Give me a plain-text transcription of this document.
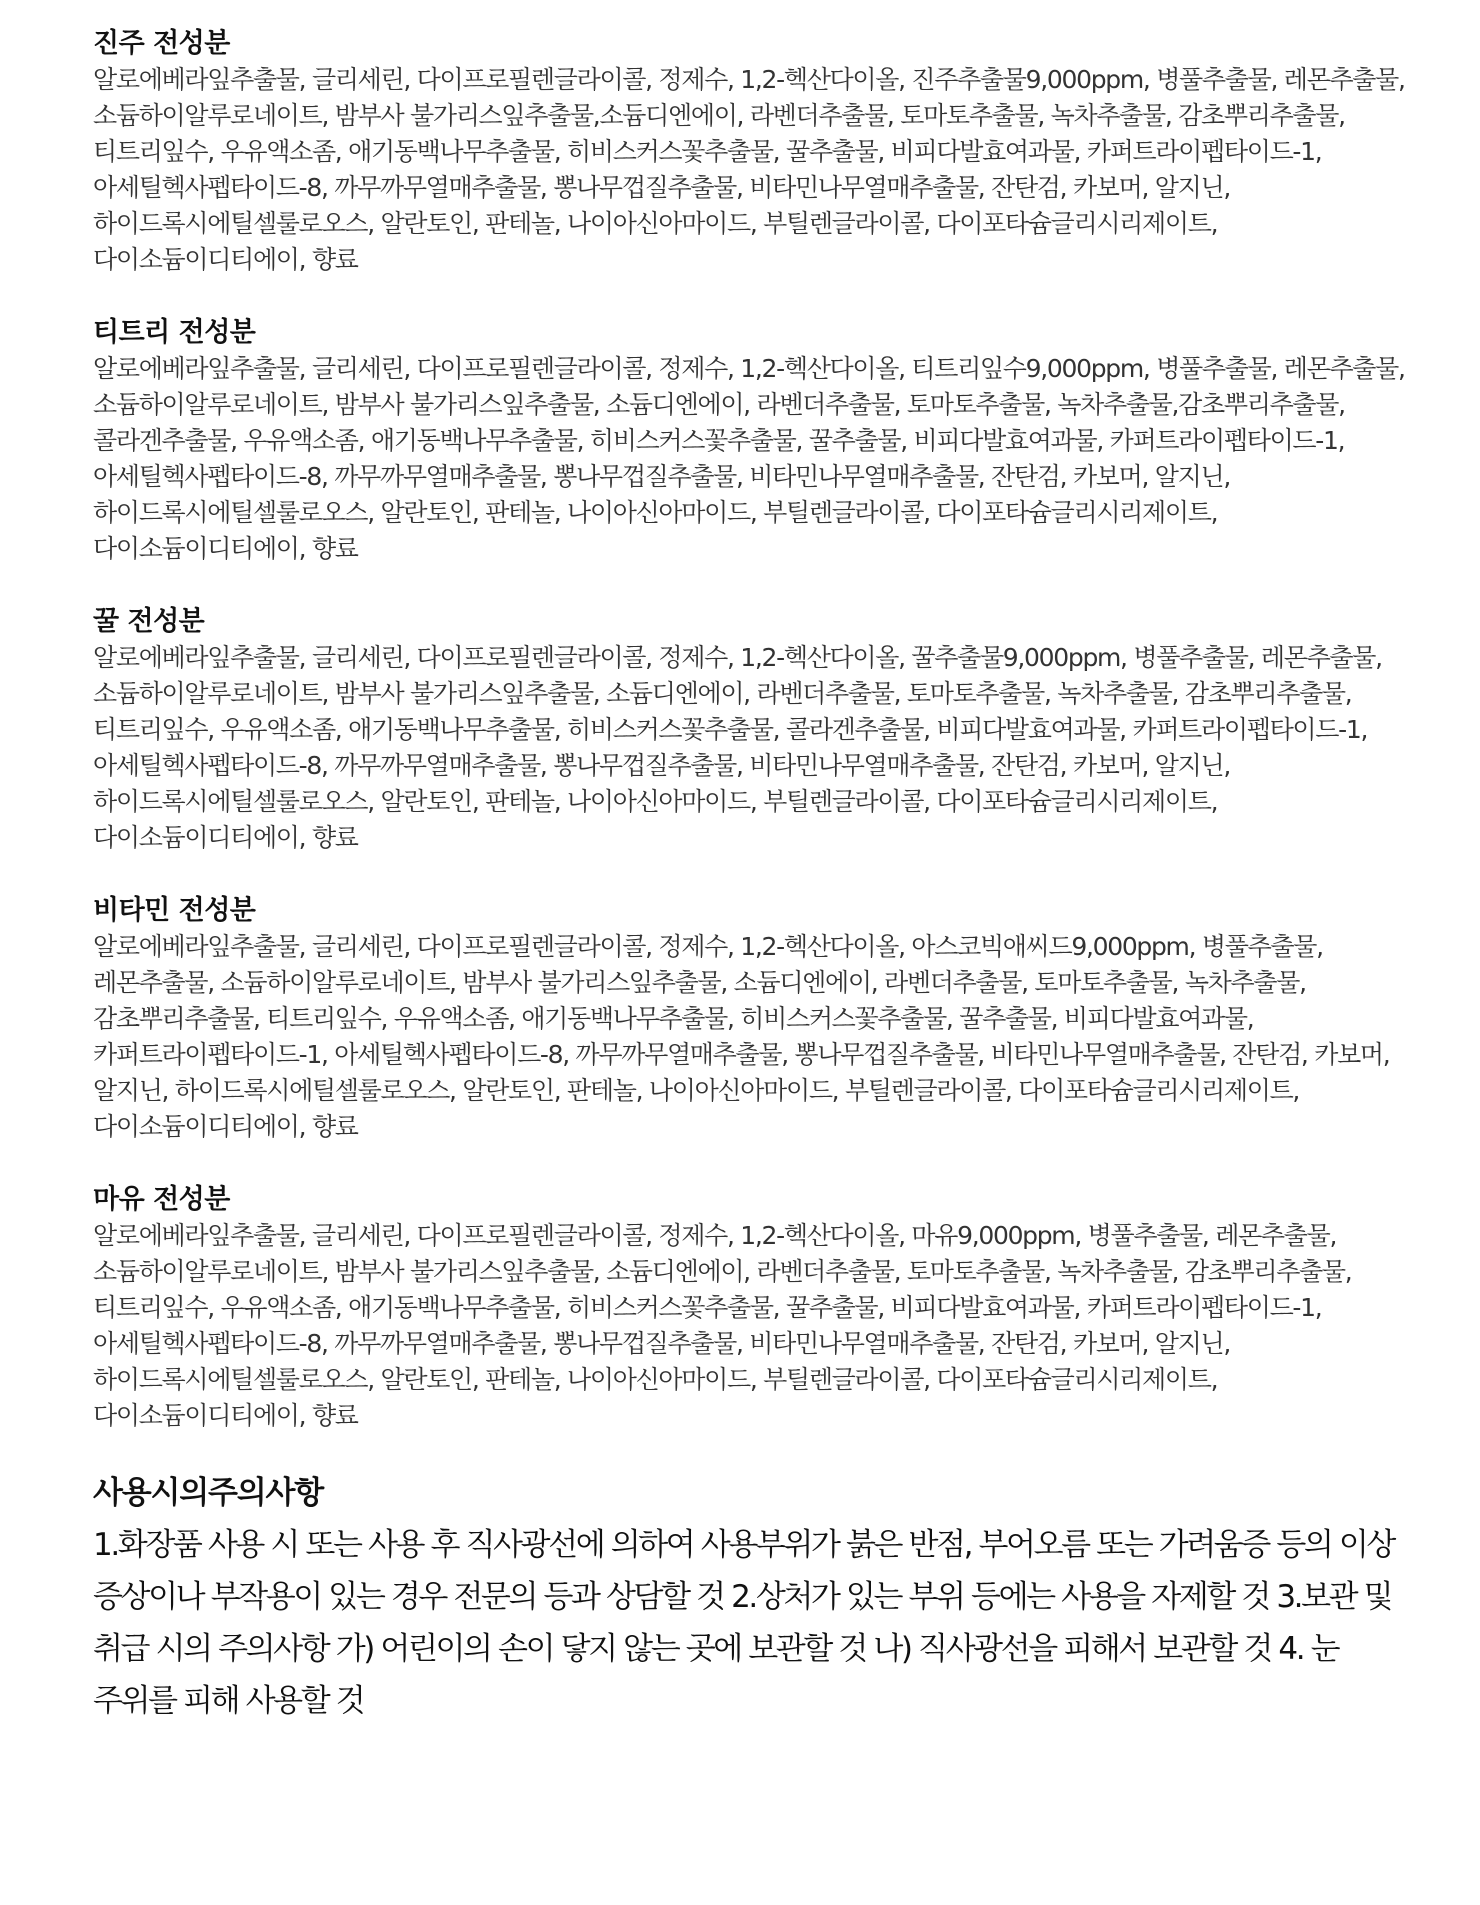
진주 전성분

알로에베라잎추출물, 글리세린, 다이프로필렌글라이콜, 정제수, 1,2-헥산다이올, 진주추출물9,000ppm, 병풀추출물, 레몬추출물, 소듐하이알루로네이트, 밤부사 불가리스잎추출물,소듐디엔에이, 라벤더추출물, 토마토추출물, 녹차추출물, 감초뿌리추출물, 티트리잎수, 우유액소좀, 애기동백나무추출물, 히비스커스꽃추출물, 꿀추출물, 비피다발효여과물, 카퍼트라이펩타이드-1, 아세틸헥사펩타이드-8, 까무까무열매추출물, 뽕나무껍질추출물, 비타민나무열매추출물, 잔탄검, 카보머, 알지닌, 하이드록시에틸셀룰로오스, 알란토인, 판테놀, 나이아신아마이드, 부틸렌글라이콜, 다이포타슘글리시리제이트, 다이소듐이디티에이, 향료

티트리 전성분

알로에베라잎추출물, 글리세린, 다이프로필렌글라이콜, 정제수, 1,2-헥산다이올, 티트리잎수9,000ppm, 병풀추출물, 레몬추출물, 소듐하이알루로네이트, 밤부사 불가리스잎추출물, 소듐디엔에이, 라벤더추출물, 토마토추출물, 녹차추출물,감초뿌리추출물, 콜라겐추출물, 우유액소좀, 애기동백나무추출물, 히비스커스꽃추출물, 꿀추출물, 비피다발효여과물, 카퍼트라이펩타이드-1, 아세틸헥사펩타이드-8, 까무까무열매추출물, 뽕나무껍질추출물, 비타민나무열매추출물, 잔탄검, 카보머, 알지닌, 하이드록시에틸셀룰로오스, 알란토인, 판테놀, 나이아신아마이드, 부틸렌글라이콜, 다이포타슘글리시리제이트, 다이소듐이디티에이, 향료

꿀 전성분

알로에베라잎추출물, 글리세린, 다이프로필렌글라이콜, 정제수, 1,2-헥산다이올, 꿀추출물9,000ppm, 병풀추출물, 레몬추출물, 소듐하이알루로네이트, 밤부사 불가리스잎추출물, 소듐디엔에이, 라벤더추출물, 토마토추출물, 녹차추출물, 감초뿌리추출물, 티트리잎수, 우유액소좀, 애기동백나무추출물, 히비스커스꽃추출물, 콜라겐추출물, 비피다발효여과물, 카퍼트라이펩타이드-1, 아세틸헥사펩타이드-8, 까무까무열매추출물, 뽕나무껍질추출물, 비타민나무열매추출물, 잔탄검, 카보머, 알지닌, 하이드록시에틸셀룰로오스, 알란토인, 판테놀, 나이아신아마이드, 부틸렌글라이콜, 다이포타슘글리시리제이트, 다이소듐이디티에이, 향료

비타민 전성분

알로에베라잎추출물, 글리세린, 다이프로필렌글라이콜, 정제수, 1,2-헥산다이올, 아스코빅애씨드9,000ppm, 병풀추출물, 레몬추출물, 소듐하이알루로네이트, 밤부사 불가리스잎추출물, 소듐디엔에이, 라벤더추출물, 토마토추출물, 녹차추출물, 감초뿌리추출물, 티트리잎수, 우유액소좀, 애기동백나무추출물, 히비스커스꽃추출물, 꿀추출물, 비피다발효여과물, 카퍼트라이펩타이드-1, 아세틸헥사펩타이드-8, 까무까무열매추출물, 뽕나무껍질추출물, 비타민나무열매추출물, 잔탄검, 카보머, 알지닌, 하이드록시에틸셀룰로오스, 알란토인, 판테놀, 나이아신아마이드, 부틸렌글라이콜, 다이포타슘글리시리제이트, 다이소듐이디티에이, 향료

마유 전성분

알로에베라잎추출물, 글리세린, 다이프로필렌글라이콜, 정제수, 1,2-헥산다이올, 마유9,000ppm, 병풀추출물, 레몬추출물, 소듐하이알루로네이트, 밤부사 불가리스잎추출물, 소듐디엔에이, 라벤더추출물, 토마토추출물, 녹차추출물, 감초뿌리추출물, 티트리잎수, 우유액소좀, 애기동백나무추출물, 히비스커스꽃추출물, 꿀추출물, 비피다발효여과물, 카퍼트라이펩타이드-1, 아세틸헥사펩타이드-8, 까무까무열매추출물, 뽕나무껍질추출물, 비타민나무열매추출물, 잔탄검, 카보머, 알지닌, 하이드록시에틸셀룰로오스, 알란토인, 판테놀, 나이아신아마이드, 부틸렌글라이콜, 다이포타슘글리시리제이트, 다이소듐이디티에이, 향료

사용시의주의사항

1.화장품 사용 시 또는 사용 후 직사광선에 의하여 사용부위가 붉은 반점, 부어오름 또는 가려움증 등의 이상 증상이나 부작용이 있는 경우 전문의 등과 상담할 것 2.상처가 있는 부위 등에는 사용을 자제할 것 3.보관 및 취급 시의 주의사항 가) 어린이의 손이 닿지 않는 곳에 보관할 것 나) 직사광선을 피해서 보관할 것 4. 눈 주위를 피해 사용할 것
